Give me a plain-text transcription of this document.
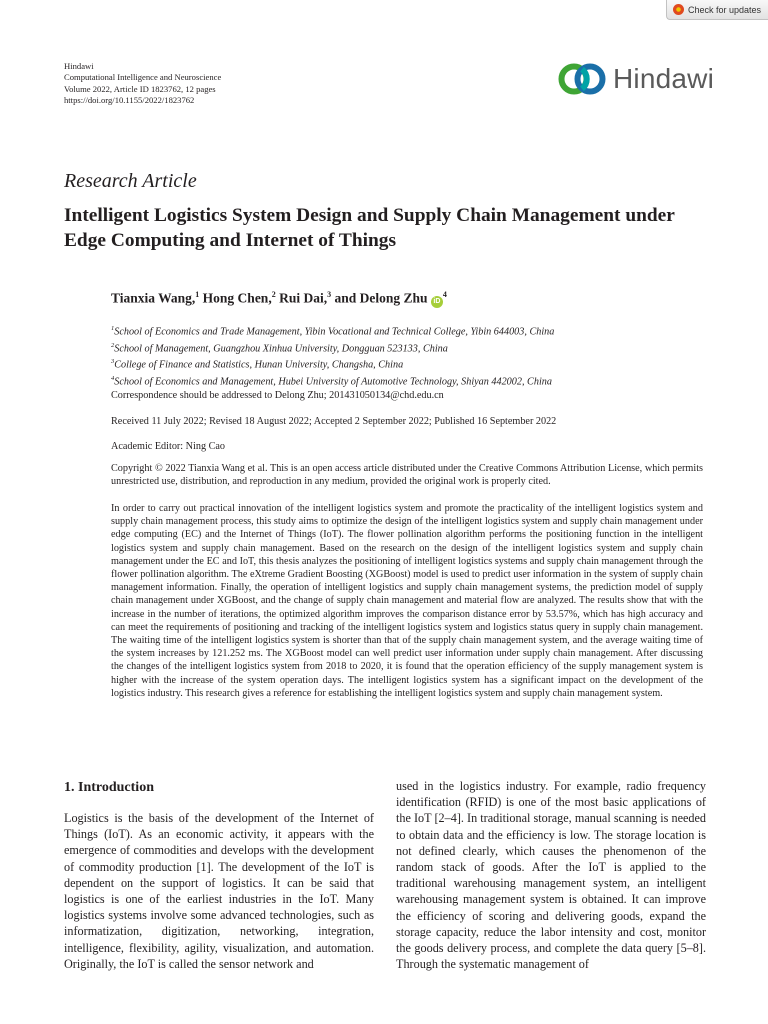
Check for updates
Hindawi
Computational Intelligence and Neuroscience
Volume 2022, Article ID 1823762, 12 pages
https://doi.org/10.1155/2022/1823762
Hindawi
Research Article
Intelligent Logistics System Design and Supply Chain Management under Edge Computing and Internet of Things
Tianxia Wang,$^1$ Hong Chen,$^2$ Rui Dai,$^3$ and Delong Zhu $iD^4$
$^1$School of Economics and Trade Management, Yibin Vocational and Technical College, Yibin 644003, China
$^2$School of Management, Guangzhou Xinhua University, Dongguan 523133, China
$^3$College of Finance and Statistics, Hunan University, Changsha, China
$^4$School of Economics and Management, Hubei University of Automotive Technology, Shiyan 442002, China
Correspondence should be addressed to Delong Zhu; 201431050134@chd.edu.cn
Received 11 July 2022; Revised 18 August 2022; Accepted 2 September 2022; Published 16 September 2022
Academic Editor: Ning Cao
Copyright © 2022 Tianxia Wang et al. This is an open access article distributed under the Creative Commons Attribution License, which permits unrestricted use, distribution, and reproduction in any medium, provided the original work is properly cited.
In order to carry out practical innovation of the intelligent logistics system and promote the practicality of the intelligent logistics system and supply chain management process, this study aims to optimize the design of the intelligent logistics system and supply chain management under edge computing (EC) and the Internet of Things (IoT). The flower pollination algorithm performs the positioning function in the intelligent logistics system and supply chain management. Based on the research on the design of the intelligent logistics system and supply chain management under the EC and IoT, this thesis analyzes the positioning of intelligent logistics systems and supply chain management through the flower pollination algorithm. The eXtreme Gradient Boosting (XGBoost) model is used to predict user information in the system of supply chain management information. Finally, the operation of intelligent logistics and supply chain management systems, the prediction model of supply chain management under XGBoost, and the change of supply chain management and material flow are analyzed. The results show that with the increase in the number of iterations, the optimized algorithm improves the comparison distance error by 53.57%, which has high accuracy and can meet the requirements of positioning and tracking of the intelligent logistics system and logistics status query in supply chain management. The waiting time of the intelligent logistics system is shorter than that of the supply chain management system, and the average waiting time of the system increases by 121.252 ms. The XGBoost model can well predict user information under supply chain management. After discussing the changes of the intelligent logistics system from 2018 to 2020, it is found that the operation efficiency of the supply management system is higher with the increase of the system operation days. The intelligent logistics system has a significant impact on the development of the logistics industry. This research gives a reference for establishing the intelligent logistics system and supply chain management system.
1. Introduction
Logistics is the basis of the development of the Internet of Things (IoT). As an economic activity, it appears with the emergence of commodities and develops with the development of commodity production [1]. The development of the IoT is dependent on the support of logistics. It can be said that logistics is one of the earliest industries in the IoT. Many logistics systems involve some advanced technologies, such as informatization, digitization, networking, integration, intelligence, flexibility, agility, visualization, and automation. Originally, the IoT is called the sensor network and
used in the logistics industry. For example, radio frequency identification (RFID) is one of the most basic applications of the IoT [2–4]. In traditional storage, manual scanning is needed to obtain data and the efficiency is low. The storage location is not defined clearly, which causes the phenomenon of the random stack of goods. After the IoT is applied to the traditional warehousing management system, an intelligent warehousing management system is obtained. It can improve the efficiency of scoring and delivering goods, expand the storage capacity, reduce the labor intensity and cost, monitor the goods delivery process, and complete the data query [5–8]. Through the systematic management of
